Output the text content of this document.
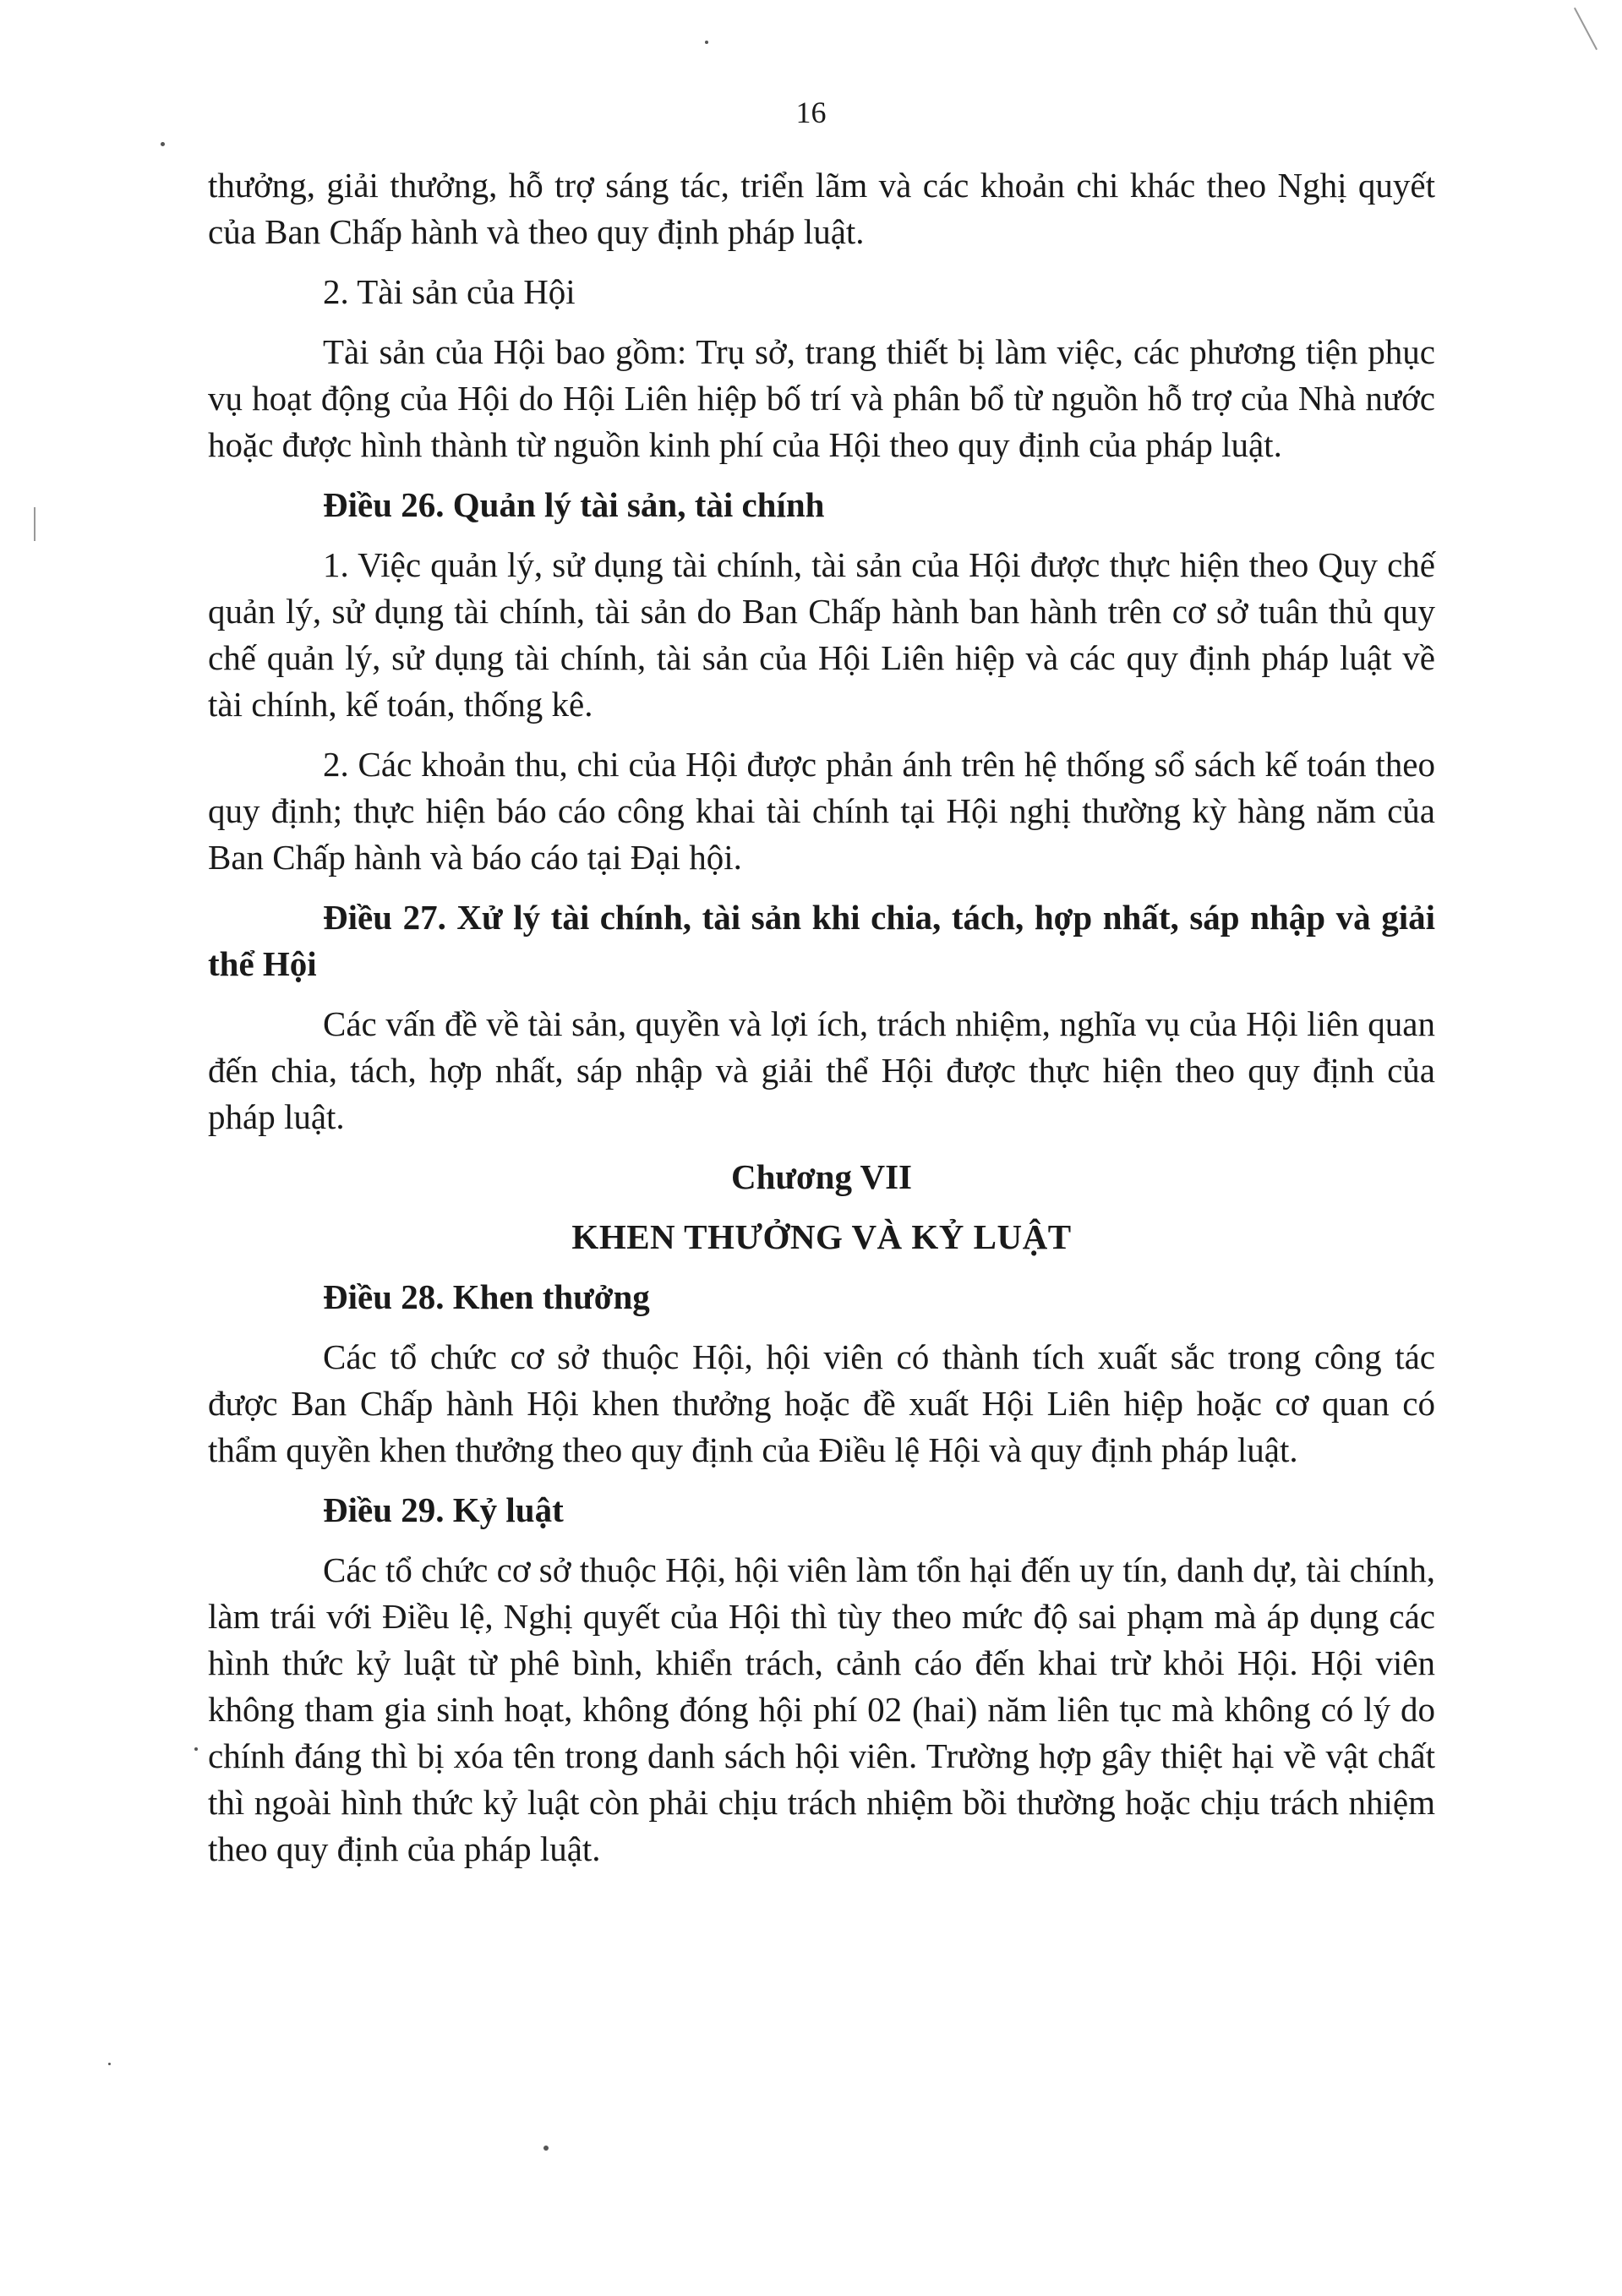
16

thưởng, giải thưởng, hỗ trợ sáng tác, triển lãm và các khoản chi khác theo Nghị quyết của Ban Chấp hành và theo quy định pháp luật.

2. Tài sản của Hội

Tài sản của Hội bao gồm: Trụ sở, trang thiết bị làm việc, các phương tiện phục vụ hoạt động của Hội do Hội Liên hiệp bố trí và phân bổ từ nguồn hỗ trợ của Nhà nước hoặc được hình thành từ nguồn kinh phí của Hội theo quy định của pháp luật.

Điều 26. Quản lý tài sản, tài chính

1. Việc quản lý, sử dụng tài chính, tài sản của Hội được thực hiện theo Quy chế quản lý, sử dụng tài chính, tài sản do Ban Chấp hành ban hành trên cơ sở tuân thủ quy chế quản lý, sử dụng tài chính, tài sản của Hội Liên hiệp và các quy định pháp luật về tài chính, kế toán, thống kê.

2. Các khoản thu, chi của Hội được phản ánh trên hệ thống sổ sách kế toán theo quy định; thực hiện báo cáo công khai tài chính tại Hội nghị thường kỳ hàng năm của Ban Chấp hành và báo cáo tại Đại hội.

Điều 27. Xử lý tài chính, tài sản khi chia, tách, hợp nhất, sáp nhập và giải thể Hội

Các vấn đề về tài sản, quyền và lợi ích, trách nhiệm, nghĩa vụ của Hội liên quan đến chia, tách, hợp nhất, sáp nhập và giải thể Hội được thực hiện theo quy định của pháp luật.

Chương VII

KHEN THƯỞNG VÀ KỶ LUẬT

Điều 28. Khen thưởng

Các tổ chức cơ sở thuộc Hội, hội viên có thành tích xuất sắc trong công tác được Ban Chấp hành Hội khen thưởng hoặc đề xuất Hội Liên hiệp hoặc cơ quan có thẩm quyền khen thưởng theo quy định của Điều lệ Hội và quy định pháp luật.

Điều 29. Kỷ luật

Các tổ chức cơ sở thuộc Hội, hội viên làm tổn hại đến uy tín, danh dự, tài chính, làm trái với Điều lệ, Nghị quyết của Hội thì tùy theo mức độ sai phạm mà áp dụng các hình thức kỷ luật từ phê bình, khiển trách, cảnh cáo đến khai trừ khỏi Hội. Hội viên không tham gia sinh hoạt, không đóng hội phí 02 (hai) năm liên tục mà không có lý do chính đáng thì bị xóa tên trong danh sách hội viên. Trường hợp gây thiệt hại về vật chất thì ngoài hình thức kỷ luật còn phải chịu trách nhiệm bồi thường hoặc chịu trách nhiệm theo quy định của pháp luật.
